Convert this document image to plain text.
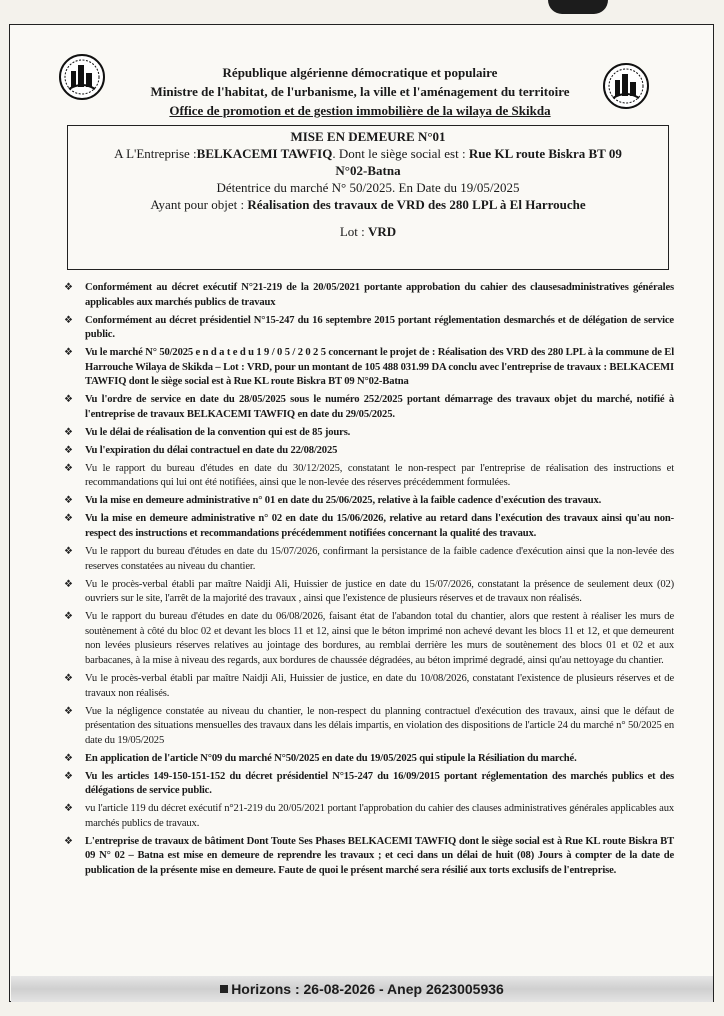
République algérienne démocratique et populaire
Ministre de l'habitat, de l'urbanisme, la ville et l'aménagement du territoire
Office de promotion et de gestion immobilière de la wilaya de Skikda
MISE EN DEMEURE N°01
A L'Entreprise :BELKACEMI TAWFIQ. Dont le siège social est : Rue KL route Biskra BT 09
N°02-Batna
Détentrice du marché N° 50/2025. En Date du 19/05/2025
Ayant pour objet : Réalisation des travaux de VRD des 280 LPL à El Harrouche
Lot : VRD
❖ Conformément au décret exécutif N°21-219 de la 20/05/2021 portante approbation du cahier des clausesadministratives générales applicables aux marchés publics de travaux
❖ Conformément au décret présidentiel N°15-247 du 16 septembre 2015 portant réglementation desmarchés et de délégation de service public.
❖ Vu le marché N° 50/2025 e n d a t e d u 1 9 / 0 5 / 2 0 2 5 concernant le projet de : Réalisation des VRD des 280 LPL à la commune de El Harrouche Wilaya de Skikda – Lot : VRD, pour un montant de 105 488 031.99 DA conclu avec l'entreprise de travaux : BELKACEMI TAWFIQ dont le siège social est à Rue KL route Biskra BT 09 N°02-Batna
❖ Vu l'ordre de service en date du 28/05/2025 sous le numéro 252/2025 portant démarrage des travaux objet du marché, notifié à l'entreprise de travaux BELKACEMI TAWFIQ en date du 29/05/2025.
❖ Vu le délai de réalisation de la convention qui est de 85 jours.
❖ Vu l'expiration du délai contractuel en date du 22/08/2025
❖ Vu le rapport du bureau d'études en date du 30/12/2025, constatant le non-respect par l'entreprise de réalisation des instructions et recommandations qui lui ont été notifiées, ainsi que le non-levée des réserves précédemment formulées.
❖ Vu la mise en demeure administrative n° 01 en date du 25/06/2025, relative à la faible cadence d'exécution des travaux.
❖ Vu la mise en demeure administrative n° 02 en date du 15/06/2026, relative au retard dans l'exécution des travaux ainsi qu'au non-respect des instructions et recommandations précédemment notifiées concernant la qualité des travaux.
❖ Vu le rapport du bureau d'études en date du 15/07/2026, confirmant la persistance de la faible cadence d'exécution ainsi que la non-levée des reserves constatées au niveau du chantier.
❖ Vu le procès-verbal établi par maître Naidji Ali, Huissier de justice en date du 15/07/2026, constatant la présence de seulement deux (02) ouvriers sur le site, l'arrêt de la majorité des travaux , ainsi que l'existence de plusieurs réserves et de travaux non réalisés.
❖ Vu le rapport du bureau d'études en date du 06/08/2026, faisant état de l'abandon total du chantier, alors que restent à réaliser les murs de soutènement à côté du bloc 02 et devant les blocs 11 et 12, ainsi que le béton imprimé non achevé devant les blocs 11 et 12, et que demeurent non levées plusieurs réserves relatives au jointage des bordures, au remblai derrière les murs de soutènement des blocs 01 et 02 et aux barbacanes, à la mise à niveau des regards, aux bordures de chaussée dégradées, au béton imprimé degradé, ainsi qu'au nettoyage du chantier.
❖ Vu le procès-verbal établi par maître Naidji Ali, Huissier de justice, en date du 10/08/2026, constatant l'existence de plusieurs réserves et de travaux non réalisés.
❖ Vue la négligence constatée au niveau du chantier, le non-respect du planning contractuel d'exécution des travaux, ainsi que le défaut de présentation des situations mensuelles des travaux dans les délais impartis, en violation des dispositions de l'article 24 du marché n° 50/2025 en date du 19/05/2025
❖ En application de l'article N°09 du marché N°50/2025 en date du 19/05/2025 qui stipule la Résiliation du marché.
❖ Vu les articles 149-150-151-152 du décret présidentiel N°15-247 du 16/09/2015 portant réglementation des marchés publics et des délégations de service public.
❖ vu l'article 119 du décret exécutif n°21-219 du 20/05/2021 portant l'approbation du cahier des clauses administratives générales applicables aux marchés publics de travaux.
❖ L'entreprise de travaux de bâtiment Dont Toute Ses Phases BELKACEMI TAWFIQ dont le siège social est à Rue KL route Biskra BT 09 N° 02 – Batna est mise en demeure de reprendre les travaux ; et ceci dans un délai de huit (08) Jours à compter de la date de publication de la présente mise en demeure. Faute de quoi le présent marché sera résilié aux torts exclusifs de l'entreprise.
Horizons : 26-08-2026 - Anep 2623005936
